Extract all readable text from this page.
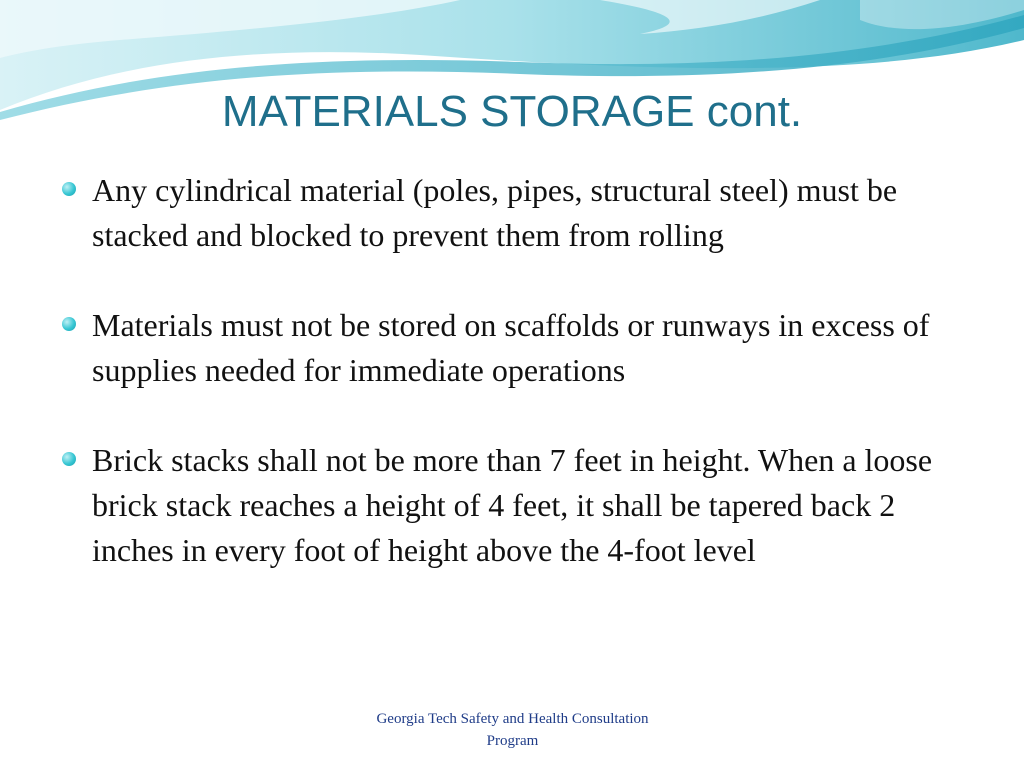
MATERIALS STORAGE cont.
Any cylindrical material (poles, pipes, structural steel) must be stacked and blocked to prevent them from rolling
Materials must not be stored on scaffolds or runways in excess of supplies needed for immediate operations
Brick stacks shall not be more than 7 feet in height. When a loose brick stack reaches a height of 4 feet, it shall be tapered back 2 inches in every foot of height above the 4-foot level
Georgia Tech Safety and Health Consultation
Program
